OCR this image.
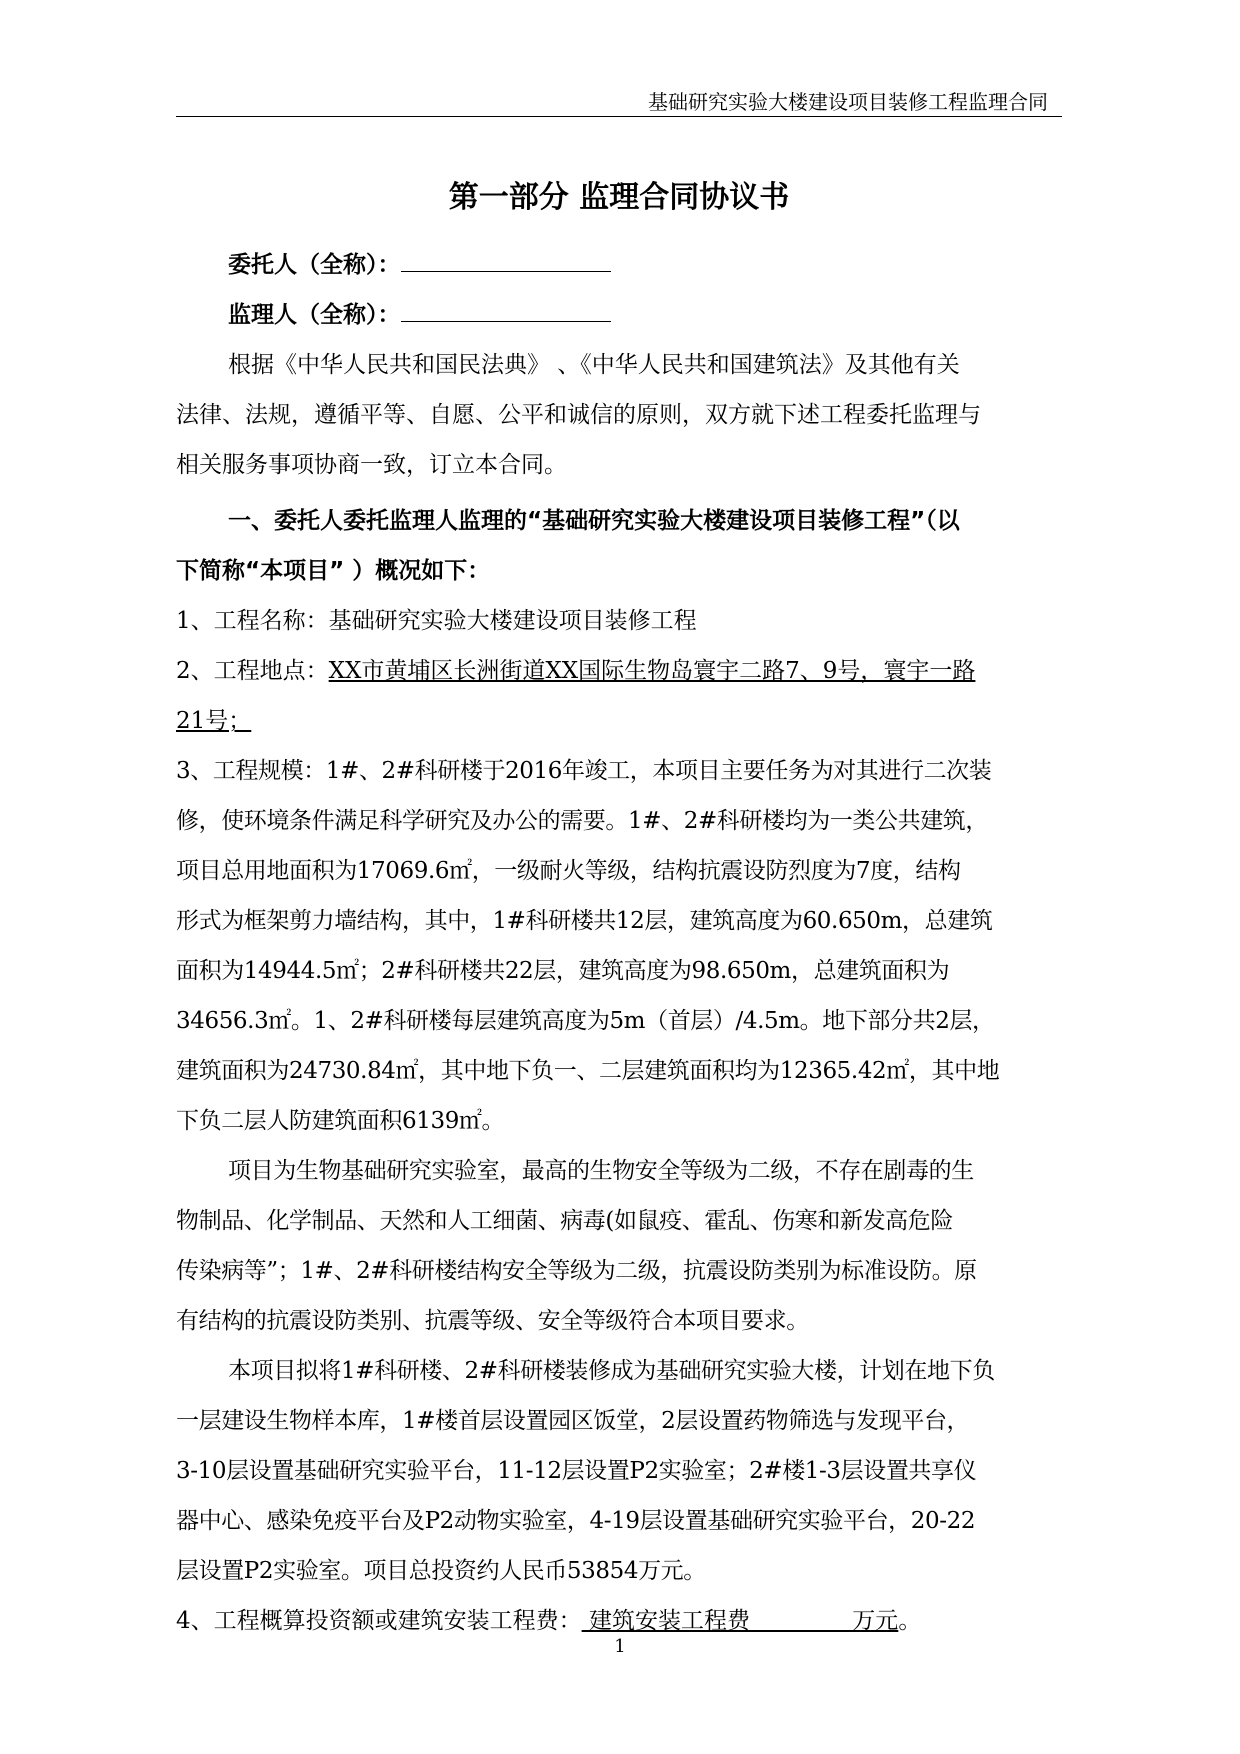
基础研究实验大楼建设项目装修工程监理合同
第一部分 监理合同协议书
委托人（全称）：
监理人（全称）：
根据《中华人民共和国民法典》 、《中华人民共和国建筑法》及其他有关
法律、法规，遵循平等、自愿、公平和诚信的原则，双方就下述工程委托监理与
相关服务事项协商一致，订立本合同。
一、委托人委托监理人监理的“基础研究实验大楼建设项目装修工程”（以
下简称“本项目” ）概况如下：
1、工程名称：基础研究实验大楼建设项目装修工程
2、工程地点：XX市黄埔区长洲街道XX国际生物岛寰宇二路7、9号，寰宇一路
21号；
3、工程规模：1#、2#科研楼于2016年竣工，本项目主要任务为对其进行二次装
修，使环境条件满足科学研究及办公的需要。1#、2#科研楼均为一类公共建筑，
项目总用地面积为17069.6㎡，一级耐火等级，结构抗震设防烈度为7度，结构
形式为框架剪力墙结构，其中，1#科研楼共12层，建筑高度为60.650m，总建筑
面积为14944.5㎡；2#科研楼共22层，建筑高度为98.650m，总建筑面积为
34656.3㎡。1、2#科研楼每层建筑高度为5m（首层）/4.5m。地下部分共2层，
建筑面积为24730.84㎡，其中地下负一、二层建筑面积均为12365.42㎡，其中地
下负二层人防建筑面积6139㎡。
项目为生物基础研究实验室，最高的生物安全等级为二级，不存在剧毒的生
物制品、化学制品、天然和人工细菌、病毒(如鼠疫、霍乱、伤寒和新发高危险
传染病等”；1#、2#科研楼结构安全等级为二级，抗震设防类别为标准设防。原
有结构的抗震设防类别、抗震等级、安全等级符合本项目要求。
本项目拟将1#科研楼、2#科研楼装修成为基础研究实验大楼，计划在地下负
一层建设生物样本库，1#楼首层设置园区饭堂，2层设置药物筛选与发现平台，
3-10层设置基础研究实验平台，11-12层设置P2实验室；2#楼1-3层设置共享仪
器中心、感染免疫平台及P2动物实验室，4-19层设置基础研究实验平台，20-22
层设置P2实验室。项目总投资约人民币53854万元。
4、工程概算投资额或建筑安装工程费： 建筑安装工程费              万元。
1
